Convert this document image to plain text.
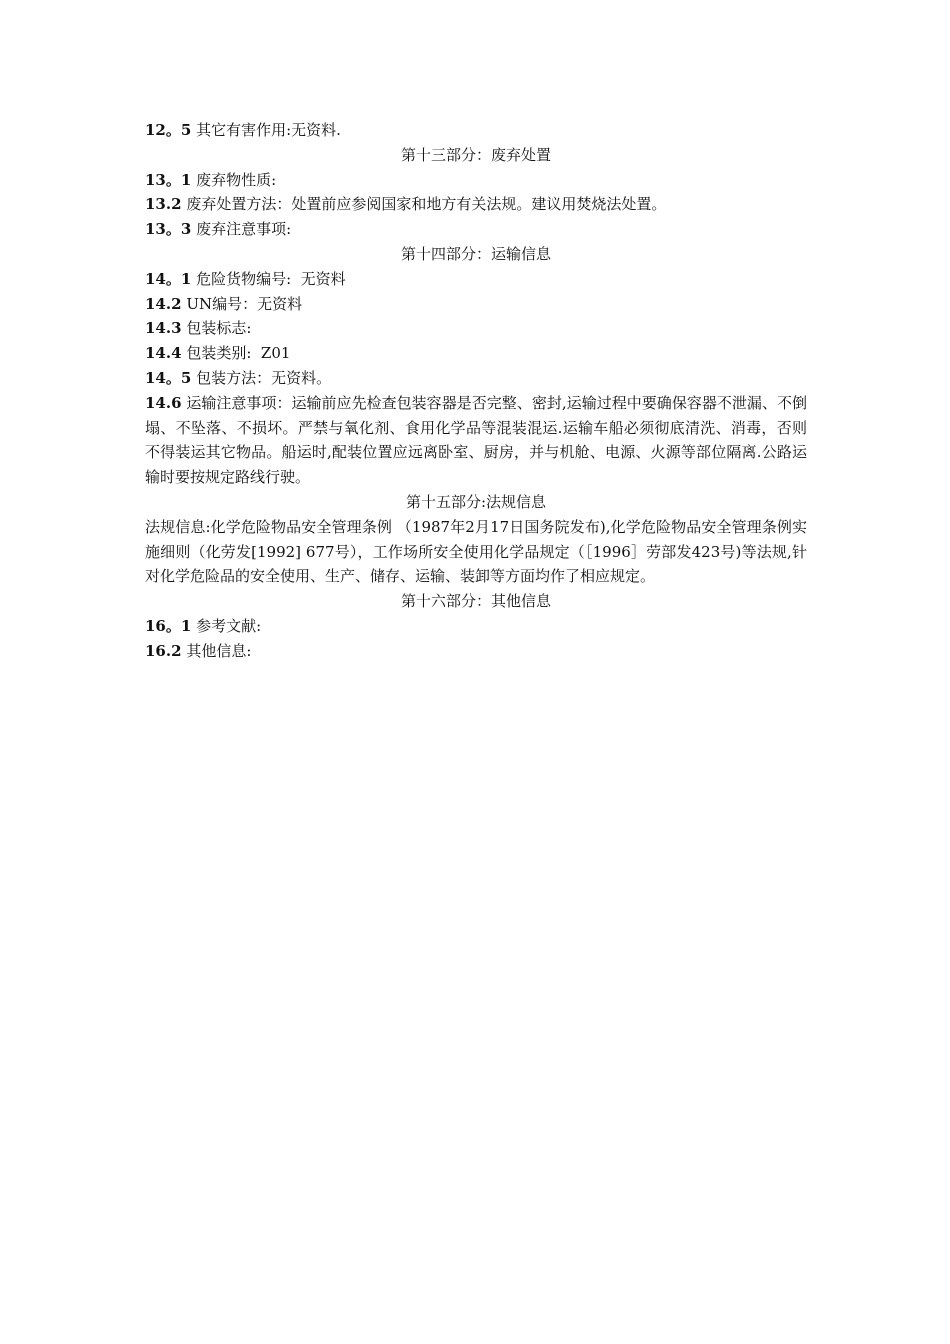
12。5 其它有害作用:无资料.
第十三部分：废弃处置
13。1 废弃物性质:
13.2 废弃处置方法：处置前应参阅国家和地方有关法规。建议用焚烧法处置。
13。3 废弃注意事项:
第十四部分：运输信息
14。1 危险货物编号:  无资料
14.2 UN编号：无资料
14.3 包装标志:
14.4 包装类别:  Z01
14。5 包装方法：无资料。
14.6 运输注意事项：运输前应先检查包装容器是否完整、密封,运输过程中要确保容器不泄漏、不倒塌、不坠落、不损坏。严禁与氧化剂、食用化学品等混装混运.运输车船必须彻底清洗、消毒，否则不得装运其它物品。船运时,配装位置应远离卧室、厨房，并与机舱、电源、火源等部位隔离.公路运输时要按规定路线行驶。
第十五部分:法规信息
法规信息:化学危险物品安全管理条例 （1987年2月17日国务院发布),化学危险物品安全管理条例实施细则（化劳发[1992] 677号），工作场所安全使用化学品规定（［1996］劳部发423号)等法规,针对化学危险品的安全使用、生产、储存、运输、装卸等方面均作了相应规定。
第十六部分：其他信息
16。1 参考文献:
16.2 其他信息:
